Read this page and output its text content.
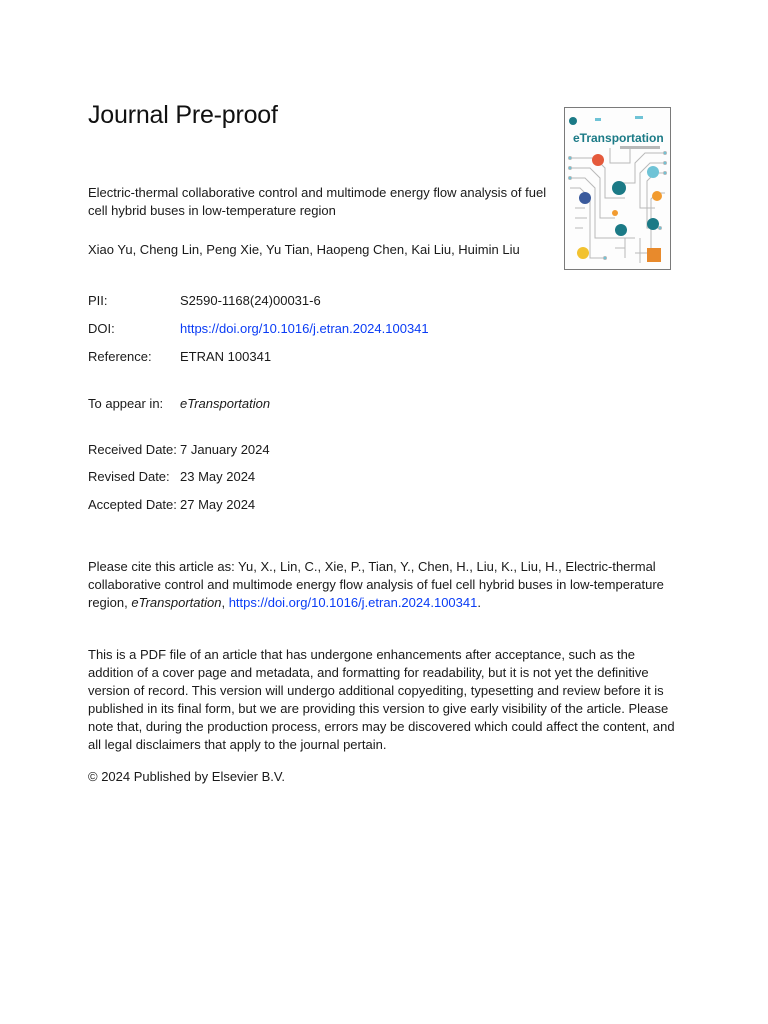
Journal Pre-proof
eTransportation
Electric-thermal collaborative control and multimode energy flow analysis of fuel cell hybrid buses in low-temperature region
Xiao Yu, Cheng Lin, Peng Xie, Yu Tian, Haopeng Chen, Kai Liu, Huimin Liu
PII:	S2590-1168(24)00031-6
DOI:	https://doi.org/10.1016/j.etran.2024.100341
Reference:	ETRAN 100341
To appear in:	eTransportation
Received Date: 7 January 2024
Revised Date: 23 May 2024
Accepted Date: 27 May 2024
Please cite this article as: Yu, X., Lin, C., Xie, P., Tian, Y., Chen, H., Liu, K., Liu, H., Electric-thermal collaborative control and multimode energy flow analysis of fuel cell hybrid buses in low-temperature region, eTransportation, https://doi.org/10.1016/j.etran.2024.100341.
This is a PDF file of an article that has undergone enhancements after acceptance, such as the addition of a cover page and metadata, and formatting for readability, but it is not yet the definitive version of record. This version will undergo additional copyediting, typesetting and review before it is published in its final form, but we are providing this version to give early visibility of the article. Please note that, during the production process, errors may be discovered which could affect the content, and all legal disclaimers that apply to the journal pertain.
© 2024 Published by Elsevier B.V.
